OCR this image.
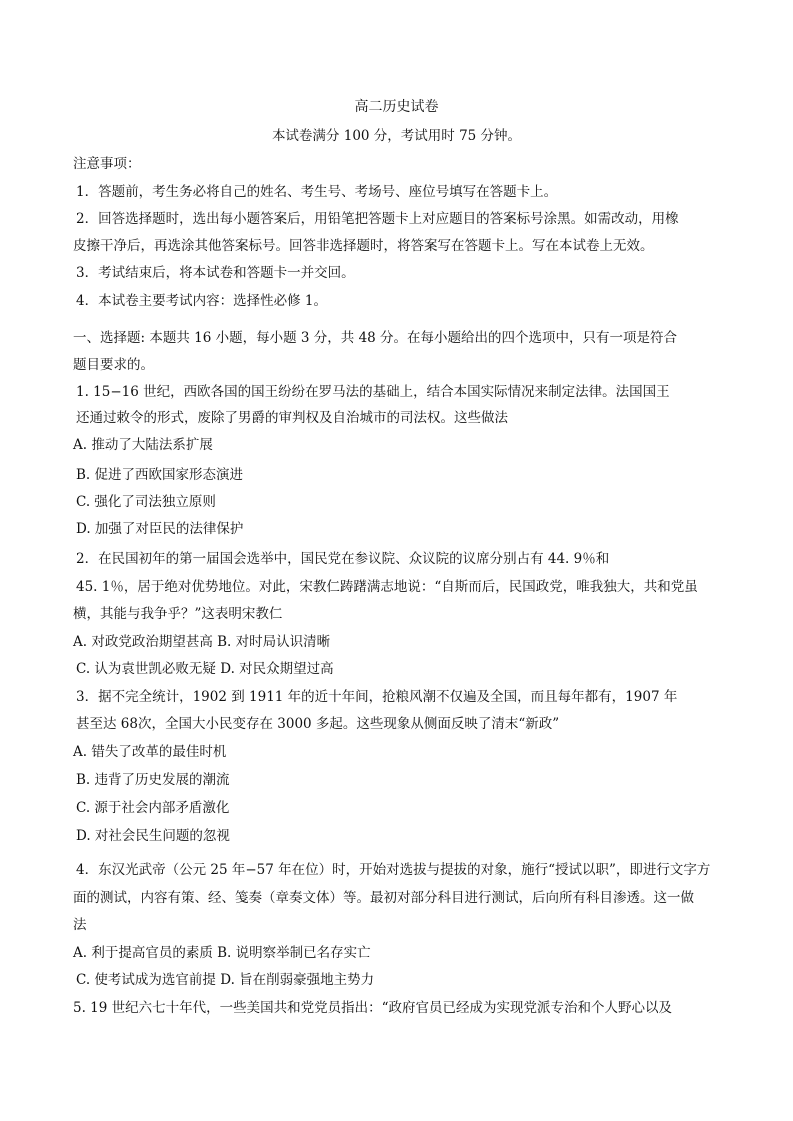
高二历史试卷
本试卷满分 100 分，考试用时 75 分钟。
注意事项：
1．答题前，考生务必将自己的姓名、考生号、考场号、座位号填写在答题卡上。
2．回答选择题时，选出每小题答案后，用铅笔把答题卡上对应题目的答案标号涂黑。如需改动，用橡
皮擦干净后，再选涂其他答案标号。回答非选择题时，将答案写在答题卡上。写在本试卷上无效。
3．考试结束后，将本试卷和答题卡一并交回。
4．本试卷主要考试内容：选择性必修 1。
一、选择题: 本题共 16 小题，每小题 3 分，共 48 分。在每小题给出的四个选项中，只有一项是符合
题目要求的。
1. 15−16 世纪，西欧各国的国王纷纷在罗马法的基础上，结合本国实际情况来制定法律。法国国王
还通过敕令的形式，废除了男爵的审判权及自治城市的司法权。这些做法
A. 推动了大陆法系扩展
B. 促进了西欧国家形态演进
C. 强化了司法独立原则
D. 加强了对臣民的法律保护
2．在民国初年的第一届国会选举中，国民党在参议院、众议院的议席分别占有 44. 9％和
45. 1％，居于绝对优势地位。对此，宋教仁踌躇满志地说：“自斯而后，民国政党，唯我独大，共和党虽
横，其能与我争乎？”这表明宋教仁
A. 对政党政治期望甚高 B. 对时局认识清晰
C. 认为袁世凯必败无疑 D. 对民众期望过高
3．据不完全统计，1902 到 1911 年的近十年间，抢粮风潮不仅遍及全国，而且每年都有，1907 年
甚至达 68次，全国大小民变存在 3000 多起。这些现象从侧面反映了清末“新政”
A. 错失了改革的最佳时机
B. 违背了历史发展的潮流
C. 源于社会内部矛盾激化
D. 对社会民生问题的忽视
4．东汉光武帝（公元 25 年−57 年在位）时，开始对选拔与提拔的对象，施行“授试以职”，即进行文字方
面的测试，内容有策、经、笺奏（章奏文体）等。最初对部分科目进行测试，后向所有科目渗透。这一做
法
A. 利于提高官员的素质 B. 说明察举制已名存实亡
C. 使考试成为选官前提 D. 旨在削弱豪强地主势力
5. 19 世纪六七十年代，一些美国共和党党员指出：“政府官员已经成为实现党派专治和个人野心以及
